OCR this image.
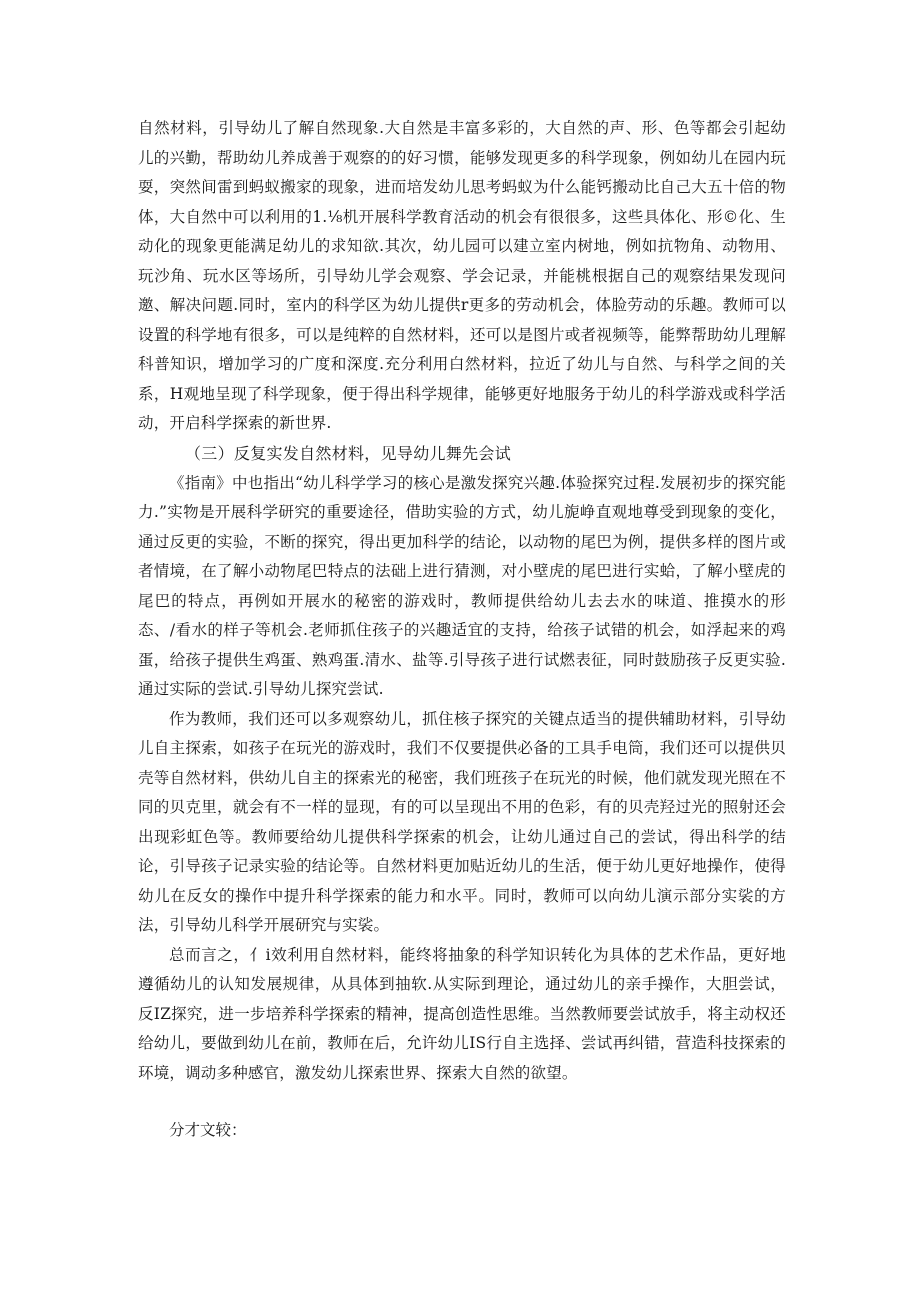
自然材料，引导幼儿了解自然现象.大自然是丰富多彩的，大自然的声、形、色等都会引起幼儿的兴勤，帮助幼儿养成善于观察的的好习惯，能够发现更多的科学现象，例如幼儿在园内玩耍，突然间雷到蚂蚁搬家的现象，进而培发幼儿思考蚂蚁为什么能钙搬动比自己大五十倍的物体，大自然中可以利用的1.⅛机开展科学教育活动的机会有很很多，这些具体化、形©化、生动化的现象更能满足幼儿的求知欲.其次，幼儿园可以建立室内树地，例如抗物角、动物用、玩沙角、玩水区等场所，引导幼儿学会观察、学会记录，并能桃根据自己的观察结果发现问邀、解决问题.同时，室内的科学区为幼儿提供r更多的劳动机会，体脸劳动的乐趣。教师可以设置的科学地有很多，可以是纯粹的自然材料，还可以是图片或者视频等，能弊帮助幼儿理解科普知识，增加学习的广度和深度.充分利用白然材料，拉近了幼儿与自然、与科学之间的关系，H观地呈现了科学现象，便于得出科学规律，能够更好地服务于幼儿的科学游戏或科学活动，开启科学探索的新世界.

（三）反复实发自然材料，见导幼儿舞先会试

《指南》中也指出“幼儿科学学习的核心是激发探究兴趣.体验探究过程.发展初步的探究能力.”实物是开展科学研究的重要途径，借助实验的方式，幼儿旎峥直观地尊受到现象的变化，通过反更的实验，不断的探究，得出更加科学的结论，以动物的尾巴为例，提供多样的图片或者情境，在了解小动物尾巴特点的法础上进行猜测，对小壁虎的尾巴进行实蛤，了解小壁虎的尾巴的特点，再例如开展水的秘密的游戏时，教师提供给幼儿去去水的味道、推摸水的形态、/看水的样子等机会.老师抓住孩子的兴趣适宜的支持，给孩子试错的机会，如浮起来的鸡蛋，给孩子提供生鸡蛋、熟鸡蛋.清水、盐等.引导孩子进行试燃表征，同时鼓励孩子反更实验.通过实际的尝试.引导幼儿探究尝试.

作为教师，我们还可以多观察幼儿，抓住核子探究的关键点适当的提供辅助材料，引导幼儿自主探索，如孩子在玩光的游戏时，我们不仅要提供必备的工具手电筒，我们还可以提供贝壳等自然材料，供幼儿自主的探索光的秘密，我们班孩子在玩光的时候，他们就发现光照在不同的贝克里，就会有不一样的显现，有的可以呈现出不用的色彩，有的贝壳羟过光的照射还会出现彩虹色等。教师要给幼儿提供科学探索的机会，让幼儿通过自己的尝试，得出科学的结论，引导孩子记录实验的结论等。自然材料更加贴近幼儿的生活，便于幼儿更好地操作，使得幼儿在反女的操作中提升科学探索的能力和水平。同时，教师可以向幼儿演示部分实裟的方法，引导幼儿科学开展研究与实裟。

总而言之，亻i效利用自然材料，能终将抽象的科学知识转化为具体的艺术作品，更好地遵循幼儿的认知发展规律，从具体到抽软.从实际到理论，通过幼儿的亲手操作，大胆尝试，反IZ探究，进一步培养科学探索的精神，提高创造性思维。当然教师要尝试放手，将主动权还给幼儿，要做到幼儿在前，教师在后，允许幼儿IS行自主选择、尝试再纠错，营造科技探索的环境，调动多种感官，激发幼儿探索世界、探索大自然的欲望。

分才文较：
